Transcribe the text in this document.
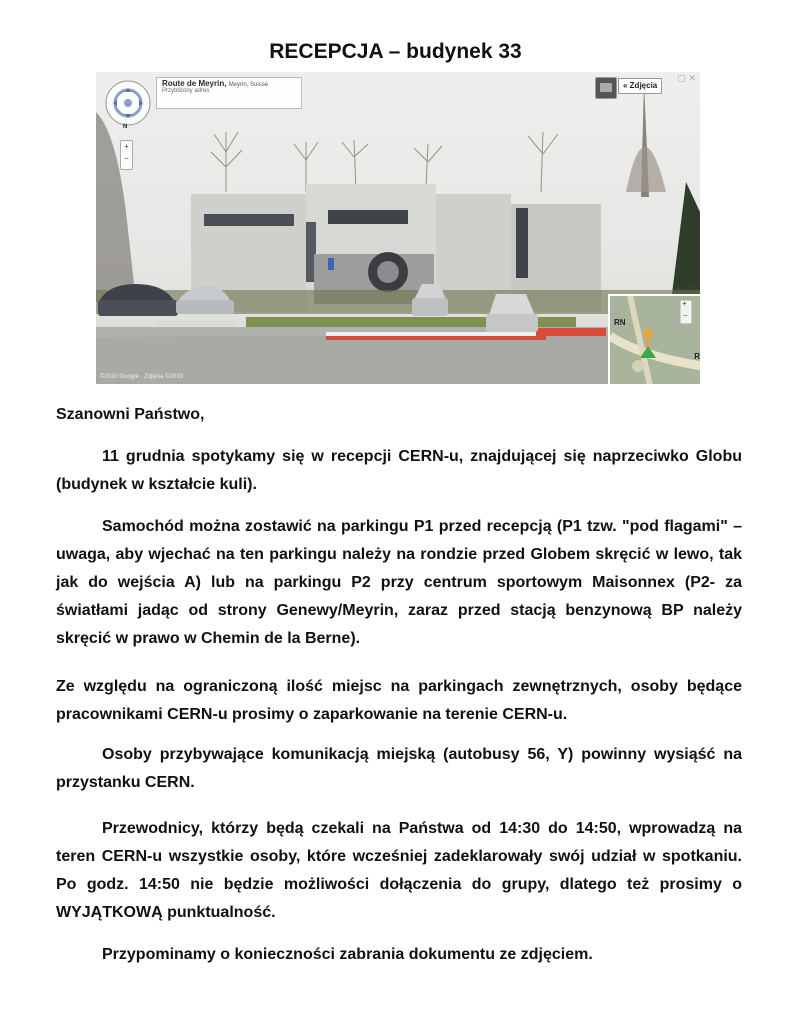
RECEPCJA – budynek 33
N
+
−
Route de Meyrin, Meyrin, Suisse
Przybliżony adres
« Zdjęcia
▢ ✕
40.23°46
RN
R
+
−
©2010 Google · Zdjęcia ©2010
Szanowni Państwo,

11 grudnia spotykamy się w recepcji CERN-u, znajdującej się naprzeciwko Globu (budynek w kształcie kuli).

Samochód można zostawić na parkingu P1 przed recepcją (P1 tzw. "pod flagami" – uwaga, aby wjechać na ten parkingu należy na rondzie przed Globem skręcić w lewo, tak jak do wejścia A) lub na parkingu P2 przy centrum sportowym Maisonnex (P2- za światłami jadąc od strony Genewy/Meyrin, zaraz przed stacją benzynową BP należy skręcić w prawo w Chemin de la Berne).

Ze względu na ograniczoną ilość miejsc na parkingach zewnętrznych, osoby będące pracownikami CERN-u prosimy o zaparkowanie na terenie CERN-u.

Osoby przybywające komunikacją miejską (autobusy 56, Y) powinny wysiąść na przystanku CERN.

Przewodnicy, którzy będą czekali na Państwa od 14:30 do 14:50, wprowadzą na teren CERN-u wszystkie osoby, które wcześniej zadeklarowały swój udział w spotkaniu. Po godz. 14:50 nie będzie możliwości dołączenia do grupy, dlatego też prosimy o WYJĄTKOWĄ punktualność.

Przypominamy o konieczności zabrania dokumentu ze zdjęciem.
